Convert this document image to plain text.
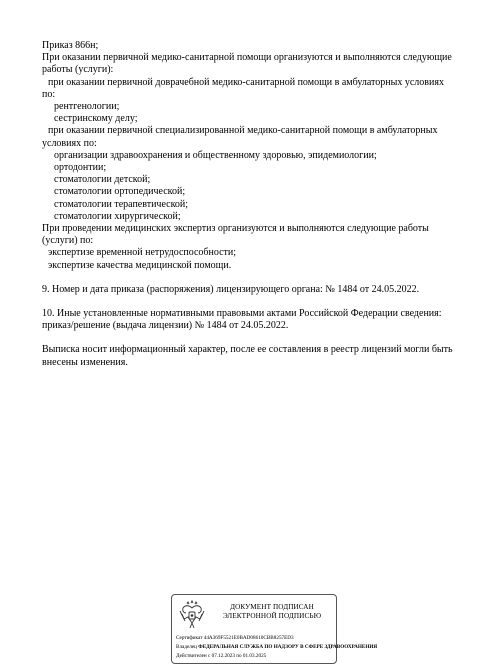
Приказ 866н;
При оказании первичной медико-санитарной помощи организуются и выполняются следующие
работы (услуги):
при оказании первичной доврачебной медико-санитарной помощи в амбулаторных условиях
по:
рентгенологии;
сестринскому делу;
при оказании первичной специализированной медико-санитарной помощи в амбулаторных
условиях по:
организации здравоохранения и общественному здоровью, эпидемиологии;
ортодонтии;
стоматологии детской;
стоматологии ортопедической;
стоматологии терапевтической;
стоматологии хирургической;
При проведении медицинских экспертиз организуются и выполняются следующие работы
(услуги) по:
экспертизе временной нетрудоспособности;
экспертизе качества медицинской помощи.
9. Номер и дата приказа (распоряжения) лицензирующего органа: № 1484 от 24.05.2022.
10. Иные установленные нормативными правовыми актами Российской Федерации сведения:
приказ/решение (выдача лицензии) № 1484 от 24.05.2022.
Выписка носит информационный характер, после ее составления в реестр лицензий могли быть
внесены изменения.
ДОКУМЕНТ ПОДПИСАН
ЭЛЕКТРОННОЙ ПОДПИСЬЮ
Сертификат 44A369F5521E0BAD08610CBB8257ED3
Владелец ФЕДЕРАЛЬНАЯ СЛУЖБА ПО НАДЗОРУ В СФЕРЕ ЗДРАВООХРАНЕНИЯ
Действителен с 07.12.2023 по 01.03.2025
